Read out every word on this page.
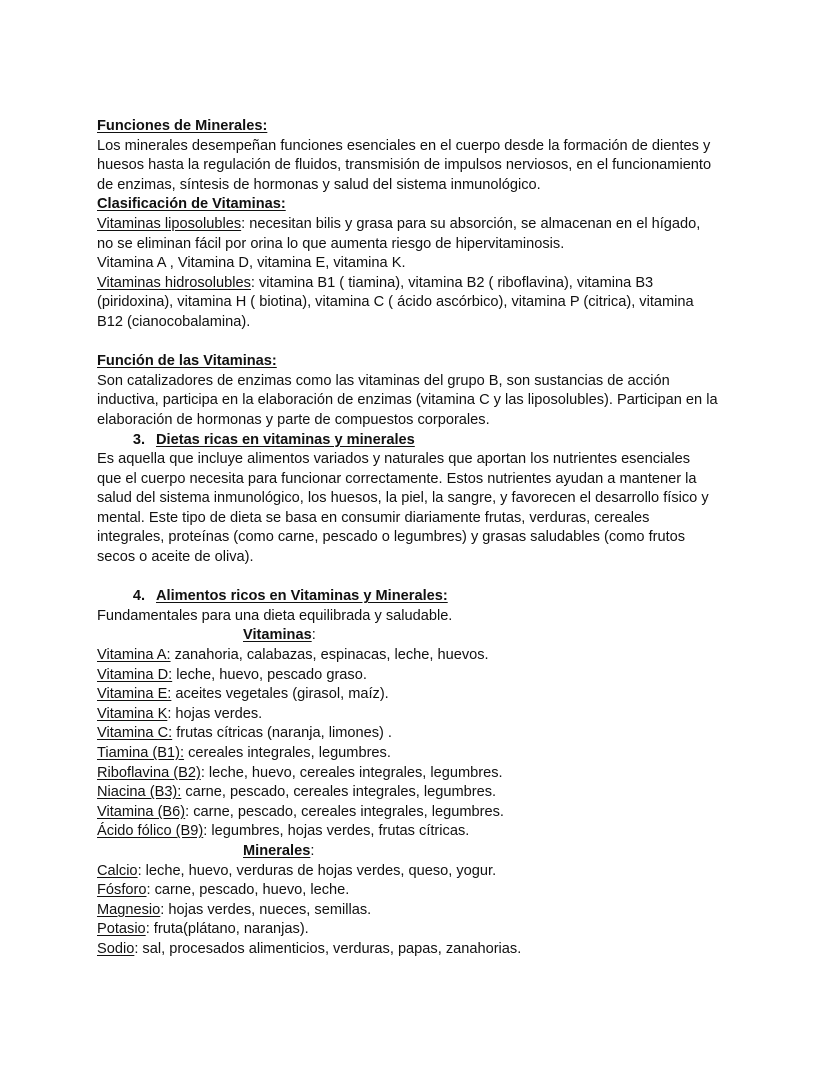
Funciones de Minerales:
Los minerales desempeñan funciones esenciales en el cuerpo desde la formación de dientes y
huesos hasta la regulación de fluidos, transmisión de impulsos nerviosos, en el funcionamiento
de enzimas, síntesis de hormonas y salud del sistema inmunológico.
Clasificación de Vitaminas:
Vitaminas liposolubles: necesitan bilis y grasa para su absorción, se almacenan en el hígado,
no se eliminan fácil por orina lo que aumenta riesgo de hipervitaminosis.
Vitamina A , Vitamina D, vitamina E, vitamina K.
Vitaminas hidrosolubles: vitamina B1 ( tiamina), vitamina B2 ( riboflavina), vitamina B3
(piridoxina), vitamina H ( biotina), vitamina C ( ácido ascórbico), vitamina P (citrica), vitamina
B12 (cianocobalamina).
Función de las Vitaminas:
Son catalizadores de enzimas como las vitaminas del grupo B, son sustancias de acción
inductiva, participa en la elaboración de enzimas (vitamina C y las liposolubles). Participan en la
elaboración de hormonas y parte de compuestos corporales.
3. Dietas ricas en vitaminas y minerales
Es aquella que incluye alimentos variados y naturales que aportan los nutrientes esenciales
que el cuerpo necesita para funcionar correctamente. Estos nutrientes ayudan a mantener la
salud del sistema inmunológico, los huesos, la piel, la sangre, y favorecen el desarrollo físico y
mental. Este tipo de dieta se basa en consumir diariamente frutas, verduras, cereales
integrales, proteínas (como carne, pescado o legumbres) y grasas saludables (como frutos
secos o aceite de oliva).
4. Alimentos ricos en Vitaminas y Minerales:
Fundamentales para una dieta equilibrada y saludable.
Vitaminas:
Vitamina A: zanahoria, calabazas, espinacas, leche, huevos.
Vitamina D: leche, huevo, pescado graso.
Vitamina E: aceites vegetales (girasol, maíz).
Vitamina K: hojas verdes.
Vitamina C: frutas cítricas (naranja, limones) .
Tiamina (B1): cereales integrales, legumbres.
Riboflavina (B2): leche, huevo, cereales integrales, legumbres.
Niacina (B3): carne, pescado, cereales integrales, legumbres.
Vitamina (B6): carne, pescado, cereales integrales, legumbres.
Ácido fólico (B9): legumbres, hojas verdes, frutas cítricas.
Minerales:
Calcio: leche, huevo, verduras de hojas verdes, queso, yogur.
Fósforo: carne, pescado, huevo, leche.
Magnesio: hojas verdes, nueces, semillas.
Potasio: fruta(plátano, naranjas).
Sodio: sal, procesados alimenticios, verduras, papas, zanahorias.
